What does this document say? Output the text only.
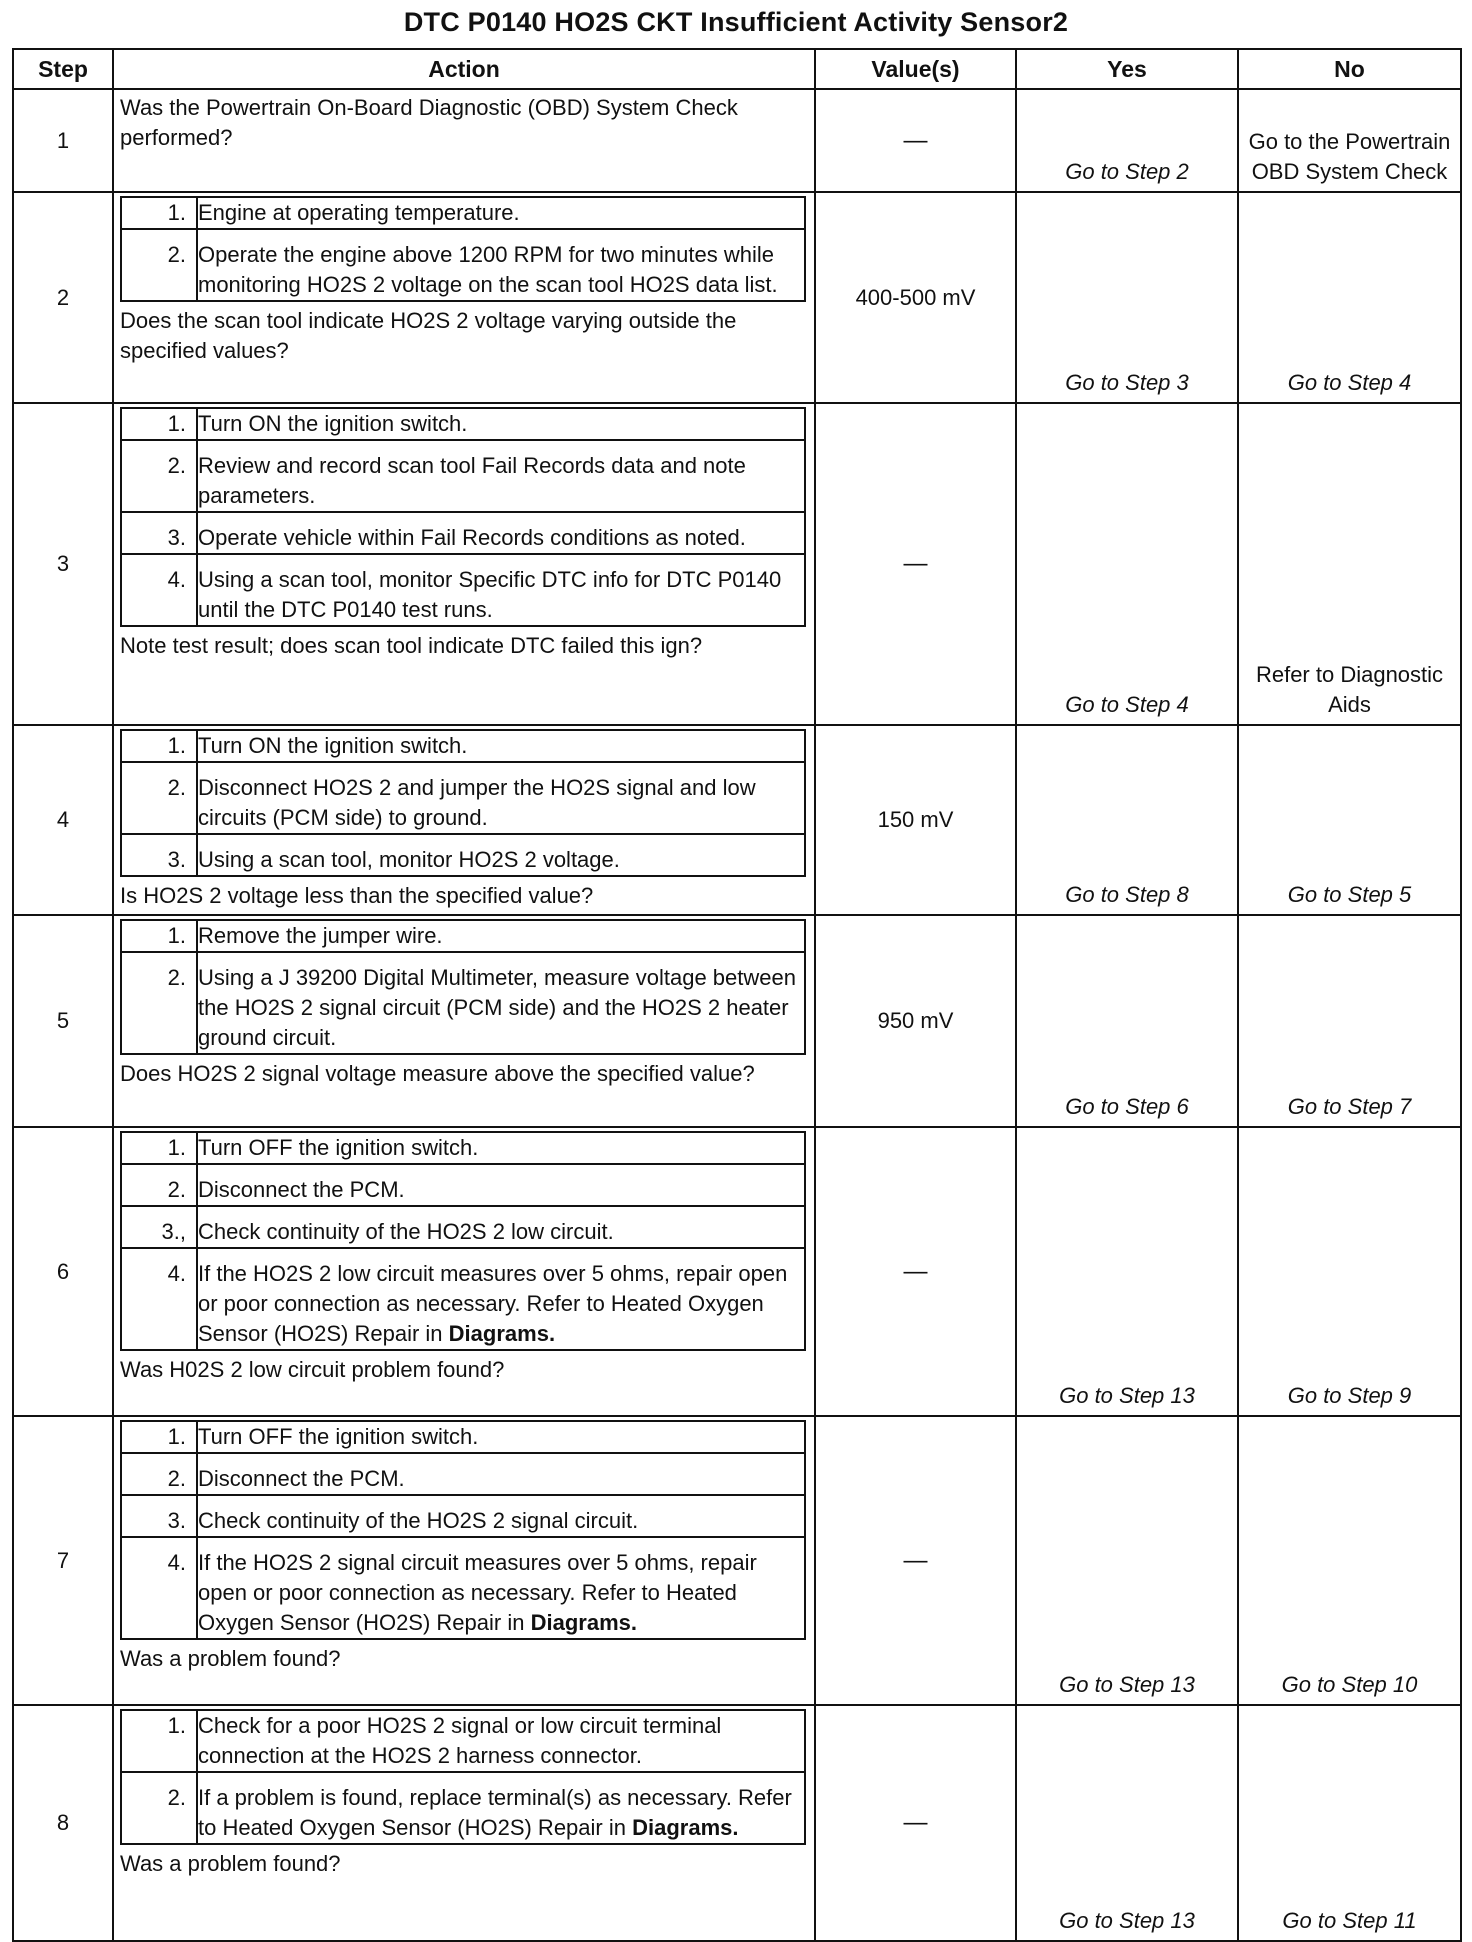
DTC P0140 HO2S CKT Insufficient Activity Sensor2
Step	Action	Value(s)	Yes	No
1	
Was the Powertrain On-Board Diagnostic (OBD) System Check performed?	—	Go to Step 2	Go to the Powertrain OBD System Check
2	
1.	Engine at operating temperature.
2.	Operate the engine above 1200 RPM for two minutes while monitoring HO2S 2 voltage on the scan tool HO2S data list.
Does the scan tool indicate HO2S 2 voltage varying outside the specified values?
	400-500 mV	Go to Step 3	Go to Step 4
3	
1.	Turn ON the ignition switch.
2.	Review and record scan tool Fail Records data and note parameters.
3.	Operate vehicle within Fail Records conditions as noted.
4.	Using a scan tool, monitor Specific DTC info for DTC P0140 until the DTC P0140 test runs.
Note test result; does scan tool indicate DTC failed this ign?
	—	Go to Step 4	Refer to Diagnostic Aids
4	
1.	Turn ON the ignition switch.
2.	Disconnect HO2S 2 and jumper the HO2S signal and low circuits (PCM side) to ground.
3.	Using a scan tool, monitor HO2S 2 voltage.
Is HO2S 2 voltage less than the specified value?
	150 mV	Go to Step 8	Go to Step 5
5	
1.	Remove the jumper wire.
2.	Using a J 39200 Digital Multimeter, measure voltage between the HO2S 2 signal circuit (PCM side) and the HO2S 2 heater ground circuit.
Does HO2S 2 signal voltage measure above the specified value?
	950 mV	Go to Step 6	Go to Step 7
6	
1.	Turn OFF the ignition switch.
2.	Disconnect the PCM.
3.,	Check continuity of the HO2S 2 low circuit.
4.	If the HO2S 2 low circuit measures over 5 ohms, repair open or poor connection as necessary. Refer to Heated Oxygen Sensor (HO2S) Repair in Diagrams.
Was H02S 2 low circuit problem found?
	—	Go to Step 13	Go to Step 9
7	
1.	Turn OFF the ignition switch.
2.	Disconnect the PCM.
3.	Check continuity of the HO2S 2 signal circuit.
4.	If the HO2S 2 signal circuit measures over 5 ohms, repair open or poor connection as necessary. Refer to Heated Oxygen Sensor (HO2S) Repair in Diagrams.
Was a problem found?
	—	Go to Step 13	Go to Step 10
8	
1.	Check for a poor HO2S 2 signal or low circuit terminal connection at the HO2S 2 harness connector.
2.	If a problem is found, replace terminal(s) as necessary. Refer to Heated Oxygen Sensor (HO2S) Repair in Diagrams.
Was a problem found?
	—	Go to Step 13	Go to Step 11
